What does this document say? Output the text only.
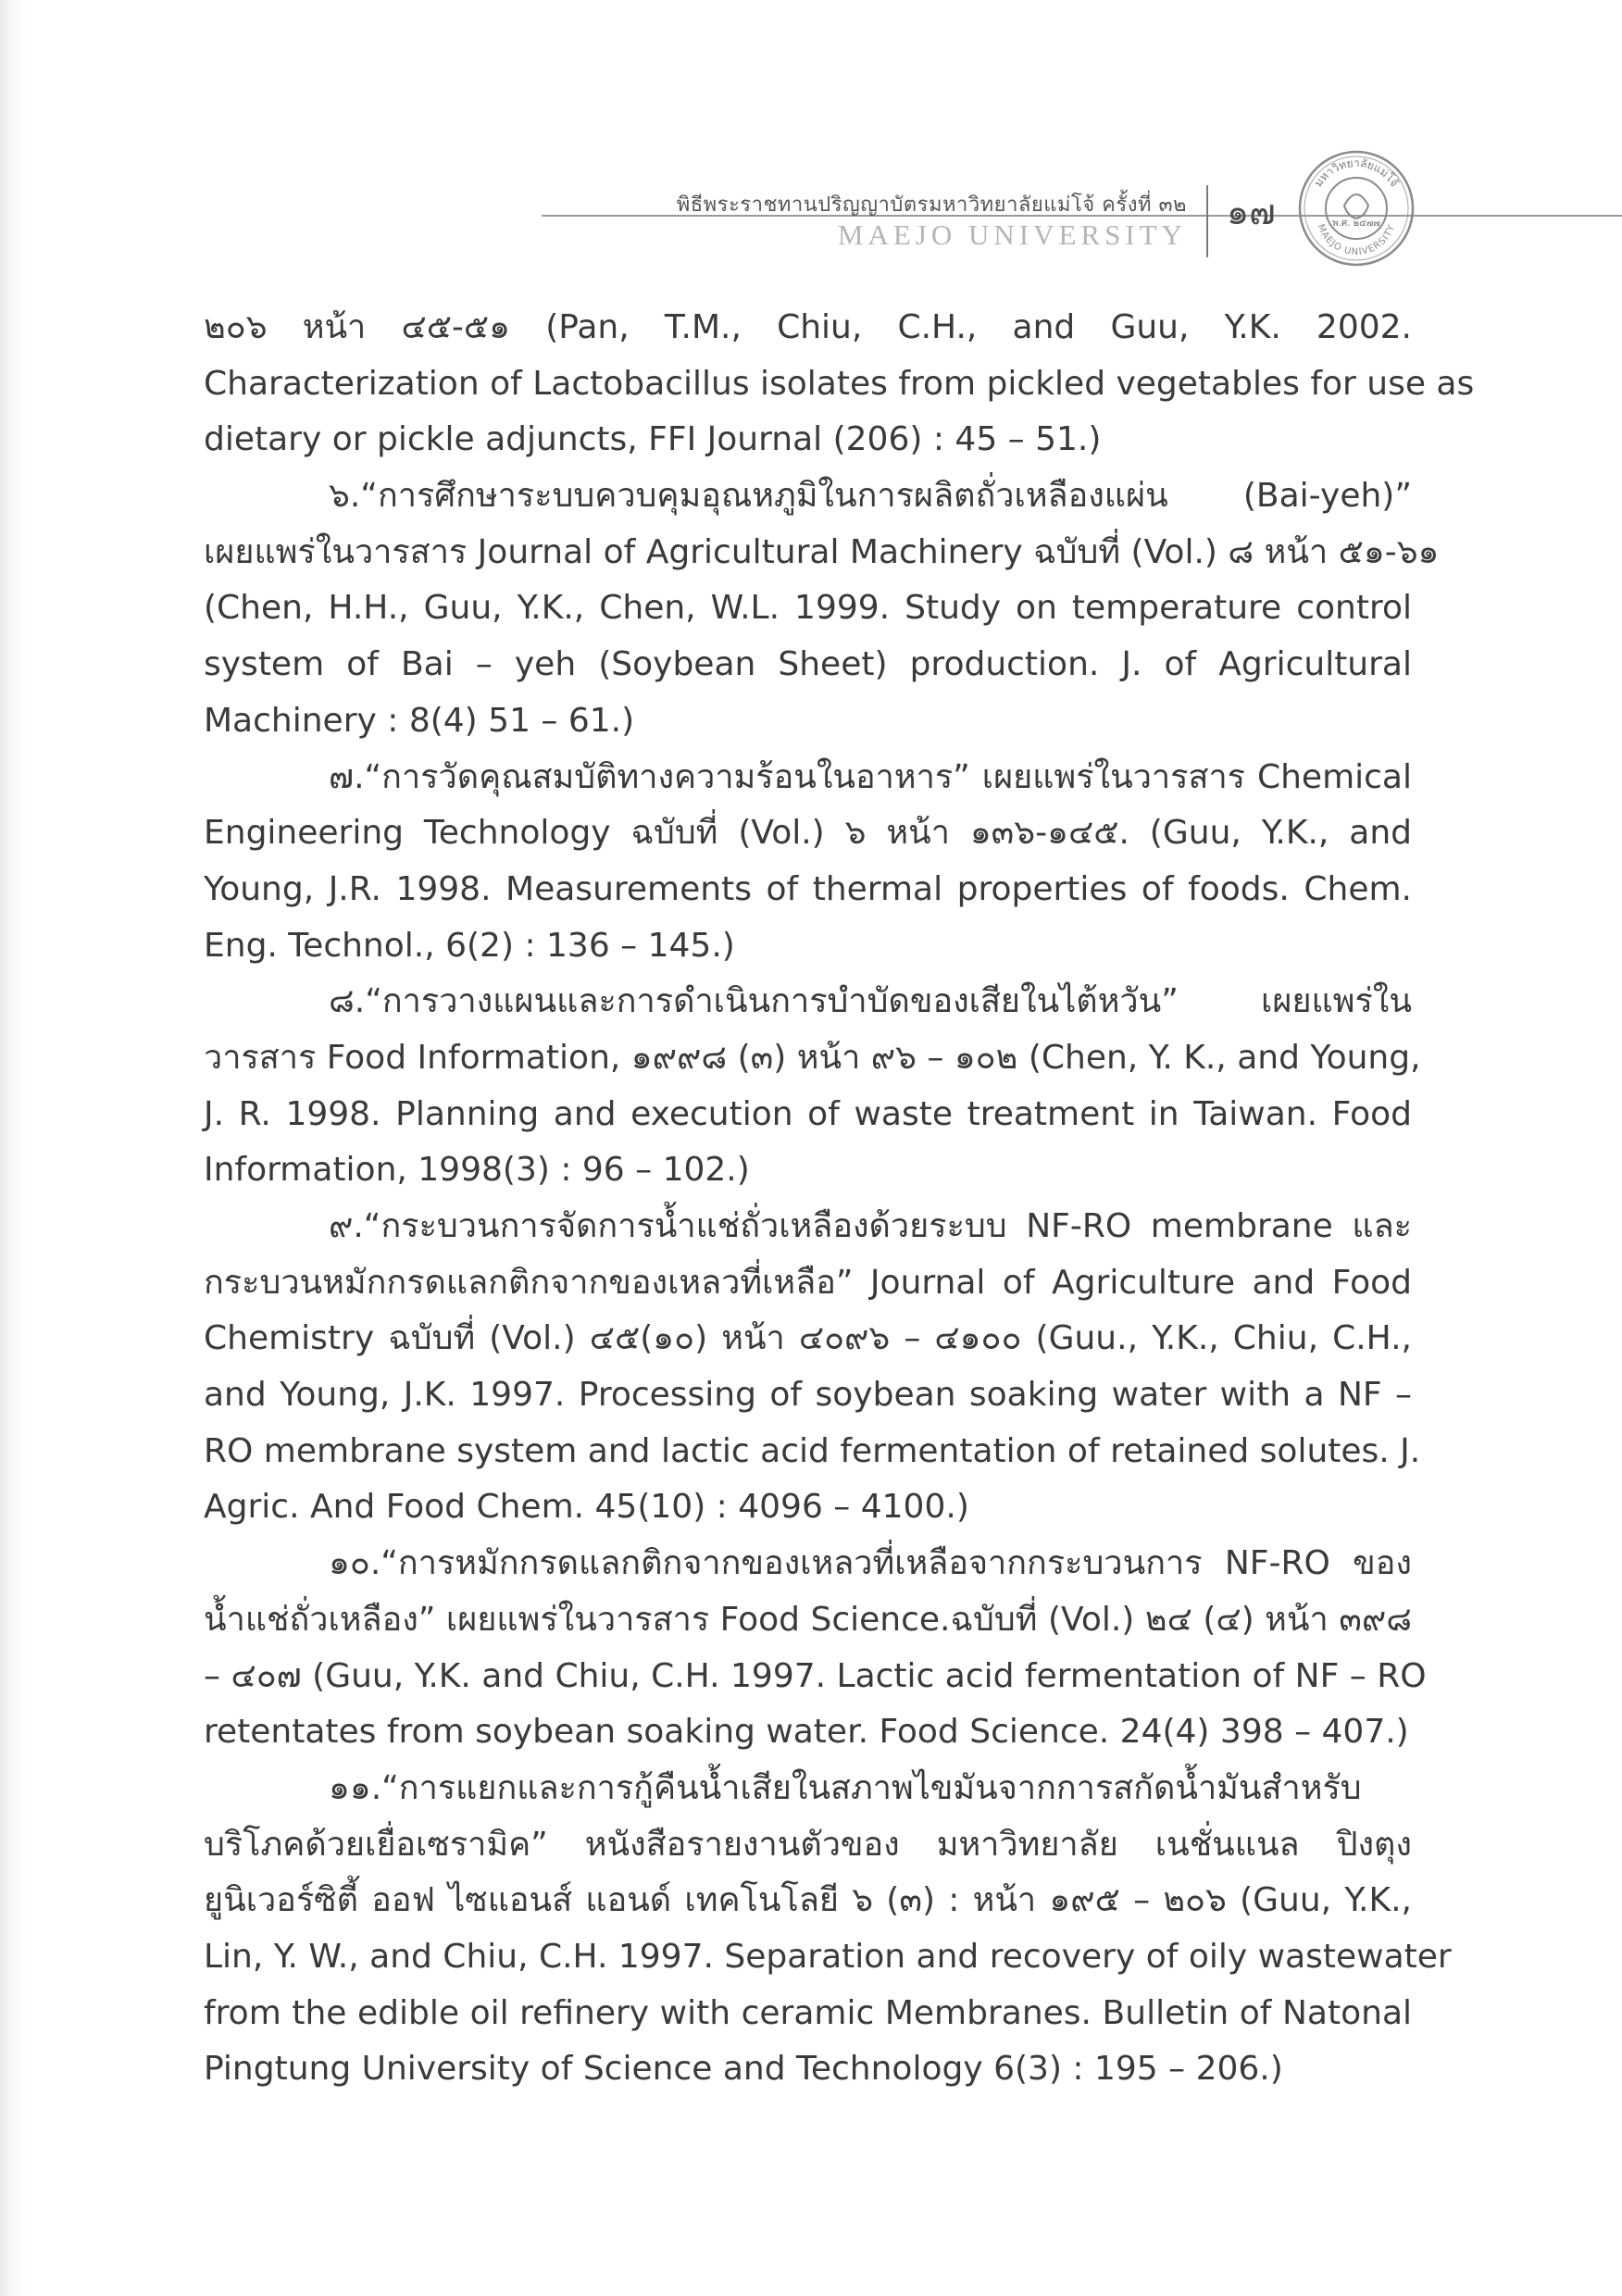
พิธีพระราชทานปริญญาบัตรมหาวิทยาลัยแม่โจ้ ครั้งที่ ๓๒
MAEJO UNIVERSITY
๑๗
มหาวิทยาลัยแม่โจ้
MAEJO UNIVERSITY
พ.ศ. ๒๔๗๗
๒๐๖ หน้า ๔๕-๕๑ (Pan, T.M., Chiu, C.H., and Guu, Y.K. 2002.
Characterization of Lactobacillus isolates from pickled vegetables for use as
dietary or pickle adjuncts, FFI Journal (206) : 45 – 51.)
๖.“การศึกษาระบบควบคุมอุณหภูมิในการผลิตถั่วเหลืองแผ่น (Bai-yeh)”
เผยแพร่ในวารสาร Journal of Agricultural Machinery ฉบับที่ (Vol.) ๘ หน้า ๕๑-๖๑
(Chen, H.H., Guu, Y.K., Chen, W.L. 1999. Study on temperature control
system of Bai – yeh (Soybean Sheet) production. J. of Agricultural
Machinery : 8(4) 51 – 61.)
๗.“การวัดคุณสมบัติทางความร้อนในอาหาร” เผยแพร่ในวารสาร Chemical
Engineering Technology ฉบับที่ (Vol.) ๖ หน้า ๑๓๖-๑๔๕. (Guu, Y.K., and
Young, J.R. 1998. Measurements of thermal properties of foods. Chem.
Eng. Technol., 6(2) : 136 – 145.)
๘.“การวางแผนและการดำเนินการบำบัดของเสียในไต้หวัน” เผยแพร่ใน
วารสาร Food Information, ๑๙๙๘ (๓) หน้า ๙๖ – ๑๐๒ (Chen, Y. K., and Young,
J. R. 1998. Planning and execution of waste treatment in Taiwan. Food
Information, 1998(3) : 96 – 102.)
๙.“กระบวนการจัดการน้ำแช่ถั่วเหลืองด้วยระบบ NF-RO membrane และ
กระบวนหมักกรดแลกติกจากของเหลวที่เหลือ” Journal of Agriculture and Food
Chemistry ฉบับที่ (Vol.) ๔๕(๑๐) หน้า ๔๐๙๖ – ๔๑๐๐ (Guu., Y.K., Chiu, C.H.,
and Young, J.K. 1997. Processing of soybean soaking water with a NF –
RO membrane system and lactic acid fermentation of retained solutes. J.
Agric. And Food Chem. 45(10) : 4096 – 4100.)
๑๐.“การหมักกรดแลกติกจากของเหลวที่เหลือจากกระบวนการ NF-RO ของ
น้ำแช่ถั่วเหลือง” เผยแพร่ในวารสาร Food Science.ฉบับที่ (Vol.) ๒๔ (๔) หน้า ๓๙๘
– ๔๐๗ (Guu, Y.K. and Chiu, C.H. 1997. Lactic acid fermentation of NF – RO
retentates from soybean soaking water. Food Science. 24(4) 398 – 407.)
๑๑.“การแยกและการกู้คืนน้ำเสียในสภาพไขมันจากการสกัดน้ำมันสำหรับ
บริโภคด้วยเยื่อเซรามิค” หนังสือรายงานตัวของ มหาวิทยาลัย เนชั่นแนล ปิงตุง
ยูนิเวอร์ซิตี้ ออฟ ไซแอนส์ แอนด์ เทคโนโลยี ๖ (๓) : หน้า ๑๙๕ – ๒๐๖ (Guu, Y.K.,
Lin, Y. W., and Chiu, C.H. 1997. Separation and recovery of oily wastewater
from the edible oil refinery with ceramic Membranes. Bulletin of Natonal
Pingtung University of Science and Technology 6(3) : 195 – 206.)
